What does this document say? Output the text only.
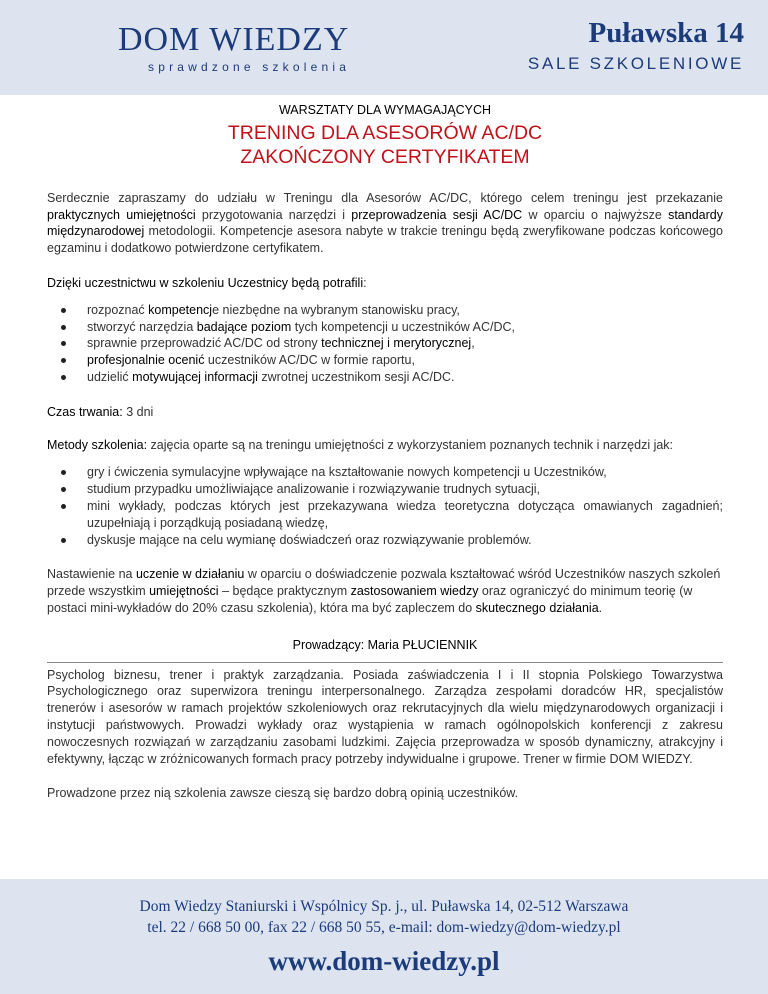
DOM WIEDZY
sprawdzone szkolenia
Puławska 14
SALE SZKOLENIOWE
WARSZTATY DLA WYMAGAJĄCYCH
TRENING DLA ASESORÓW AC/DC
ZAKOŃCZONY CERTYFIKATEM

Serdecznie zapraszamy do udziału w Treningu dla Asesorów AC/DC, którego celem treningu jest przekazanie praktycznych umiejętności przygotowania narzędzi i przeprowadzenia sesji AC/DC w oparciu o najwyższe standardy międzynarodowej metodologii. Kompetencje asesora nabyte w trakcie treningu będą zweryfikowane podczas końcowego egzaminu i dodatkowo potwierdzone certyfikatem.

Dzięki uczestnictwu w szkoleniu Uczestnicy będą potrafili:

rozpoznać kompetencje niezbędne na wybranym stanowisku pracy,
stworzyć narzędzia badające poziom tych kompetencji u uczestników AC/DC,
sprawnie przeprowadzić AC/DC od strony technicznej i merytorycznej,
profesjonalnie ocenić uczestników AC/DC w formie raportu,
udzielić motywującej informacji zwrotnej uczestnikom sesji AC/DC.

Czas trwania: 3 dni

Metody szkolenia: zajęcia oparte są na treningu umiejętności z wykorzystaniem poznanych technik i narzędzi jak:

gry i ćwiczenia symulacyjne wpływające na kształtowanie nowych kompetencji u Uczestników,
studium przypadku umożliwiające analizowanie i rozwiązywanie trudnych sytuacji,
mini wykłady, podczas których jest przekazywana wiedza teoretyczna dotycząca omawianych zagadnień; uzupełniają i porządkują posiadaną wiedzę,
dyskusje mające na celu wymianę doświadczeń oraz rozwiązywanie problemów.

Nastawienie na uczenie w działaniu w oparciu o doświadczenie pozwala kształtować wśród Uczestników naszych szkoleń przede wszystkim umiejętności – będące praktycznym zastosowaniem wiedzy oraz ograniczyć do minimum teorię (w postaci mini-wykładów do 20% czasu szkolenia), która ma być zapleczem do skutecznego działania.

Prowadzący: Maria PŁUCIENNIK

Psycholog biznesu, trener i praktyk zarządzania. Posiada zaświadczenia I i II stopnia Polskiego Towarzystwa Psychologicznego oraz superwizora treningu interpersonalnego. Zarządza zespołami doradców HR, specjalistów trenerów i asesorów w ramach projektów szkoleniowych oraz rekrutacyjnych dla wielu międzynarodowych organizacji i instytucji państwowych. Prowadzi wykłady oraz wystąpienia w ramach ogólnopolskich konferencji z zakresu nowoczesnych rozwiązań w zarządzaniu zasobami ludzkimi. Zajęcia przeprowadza w sposób dynamiczny, atrakcyjny i efektywny, łącząc w zróżnicowanych formach pracy potrzeby indywidualne i grupowe. Trener w firmie DOM WIEDZY.

Prowadzone przez nią szkolenia zawsze cieszą się bardzo dobrą opinią uczestników.

Dom Wiedzy Staniurski i Wspólnicy Sp. j., ul. Puławska 14, 02-512 Warszawa
tel. 22 / 668 50 00, fax 22 / 668 50 55, e-mail: dom-wiedzy@dom-wiedzy.pl
www.dom-wiedzy.pl
